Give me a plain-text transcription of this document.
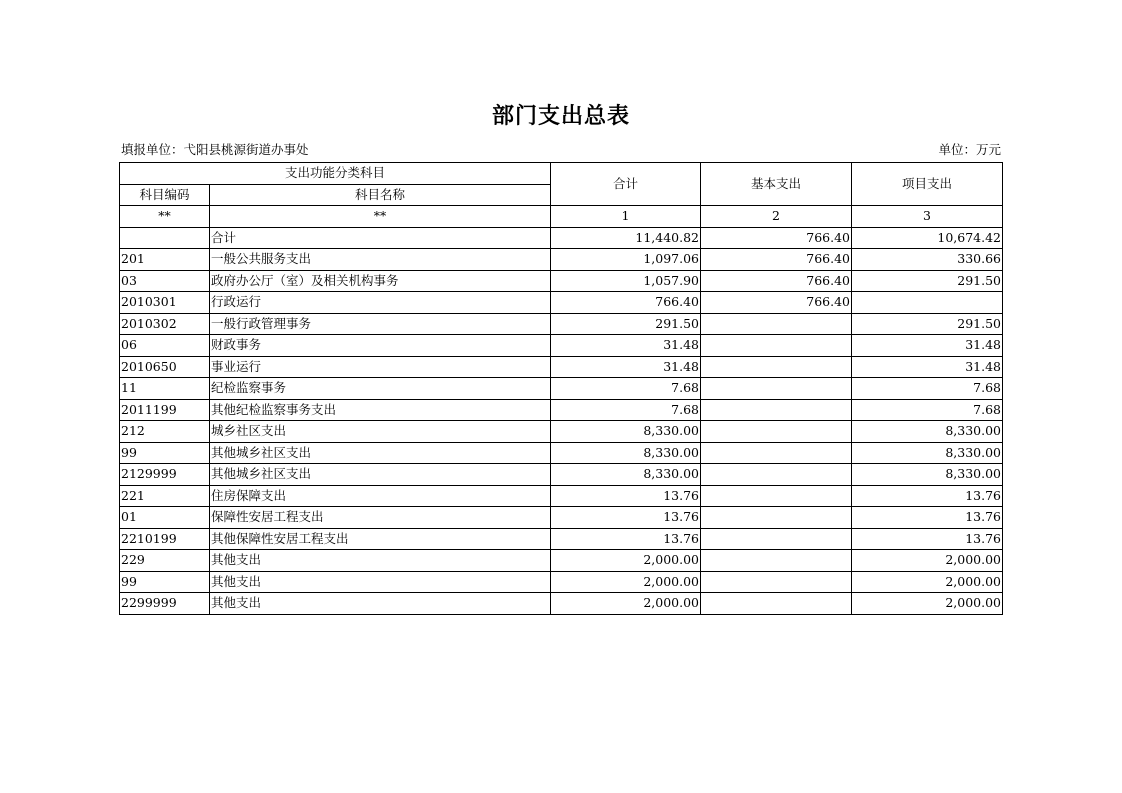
部门支出总表
填报单位：弋阳县桃源街道办事处	单位：万元
支出功能分类科目		合计	基本支出	项目支出
科目编码	科目名称			
**	**	1	2	3
	合计	11,440.82	766.40	10,674.42
201	一般公共服务支出	1,097.06	766.40	330.66
03	政府办公厅（室）及相关机构事务	1,057.90	766.40	291.50
2010301	行政运行	766.40	766.40	
2010302	一般行政管理事务	291.50		291.50
06	财政事务	31.48		31.48
2010650	事业运行	31.48		31.48
11	纪检监察事务	7.68		7.68
2011199	其他纪检监察事务支出	7.68		7.68
212	城乡社区支出	8,330.00		8,330.00
99	其他城乡社区支出	8,330.00		8,330.00
2129999	其他城乡社区支出	8,330.00		8,330.00
221	住房保障支出	13.76		13.76
01	保障性安居工程支出	13.76		13.76
2210199	其他保障性安居工程支出	13.76		13.76
229	其他支出	2,000.00		2,000.00
99	其他支出	2,000.00		2,000.00
2299999	其他支出	2,000.00		2,000.00
